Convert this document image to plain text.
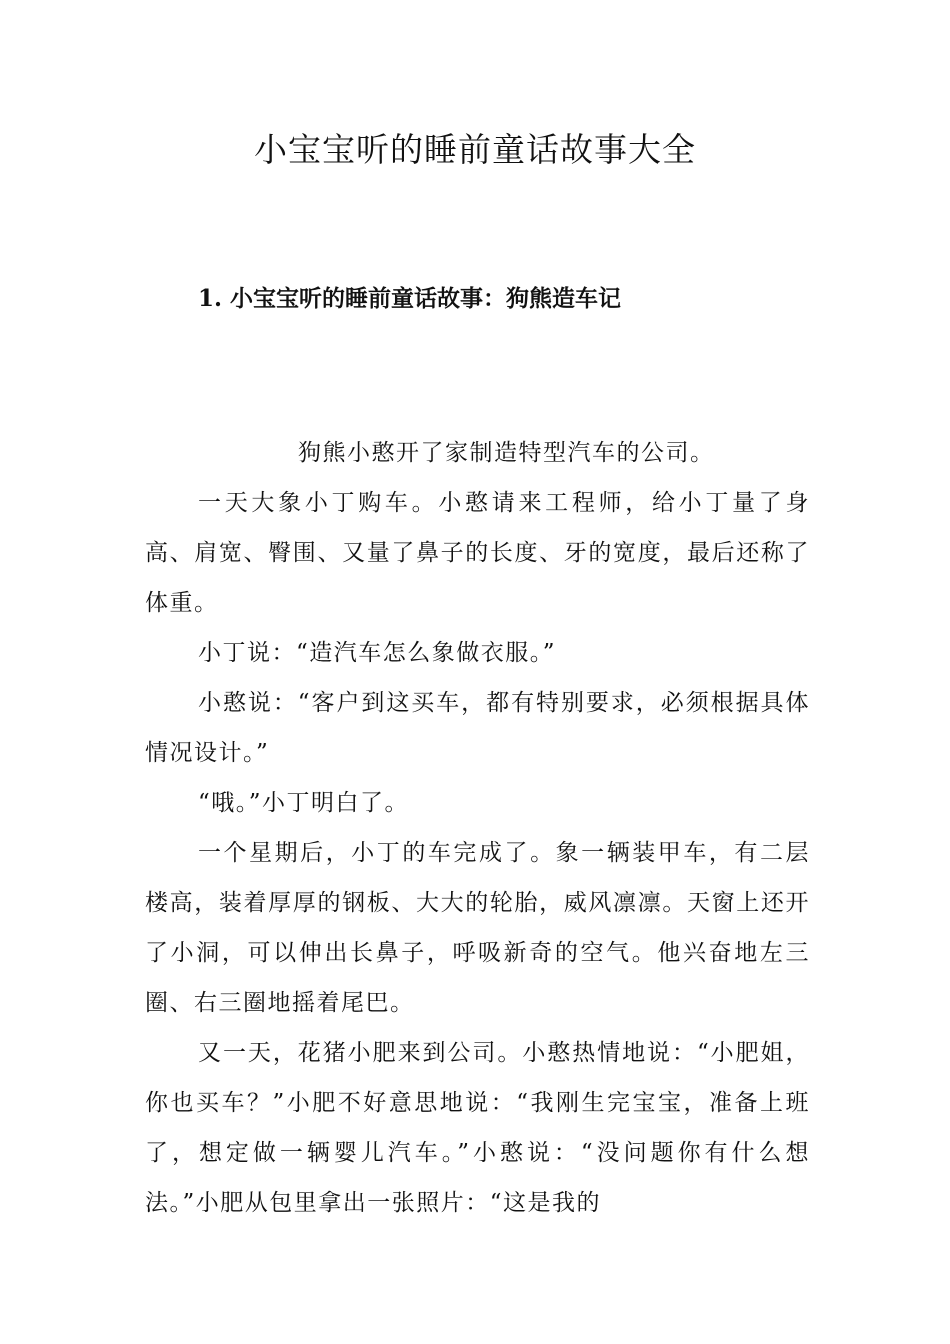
小宝宝听的睡前童话故事大全
1. 小宝宝听的睡前童话故事：狗熊造车记

狗熊小憨开了家制造特型汽车的公司。

一天大象小丁购车。小憨请来工程师，给小丁量了身高、肩宽、臀围、又量了鼻子的长度、牙的宽度，最后还称了体重。

小丁说：“造汽车怎么象做衣服。”

小憨说：“客户到这买车，都有特别要求，必须根据具体情况设计。”

“哦。”小丁明白了。

一个星期后，小丁的车完成了。象一辆装甲车，有二层楼高，装着厚厚的钢板、大大的轮胎，威风凛凛。天窗上还开了小洞，可以伸出长鼻子，呼吸新奇的空气。他兴奋地左三圈、右三圈地摇着尾巴。

又一天，花猪小肥来到公司。小憨热情地说：“小肥姐，你也买车？”小肥不好意思地说：“我刚生完宝宝，准备上班了，想定做一辆婴儿汽车。”小憨说：“没问题你有什么想法。”小肥从包里拿出一张照片：“这是我的
